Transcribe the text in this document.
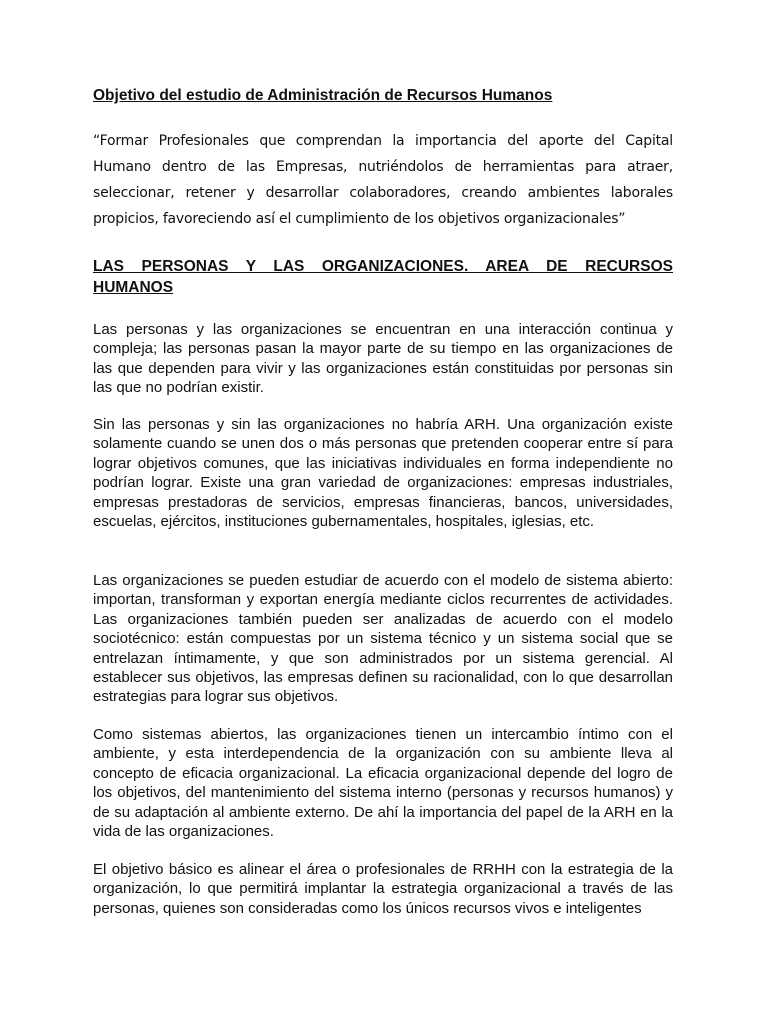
Objetivo del estudio de Administración de Recursos Humanos

“Formar Profesionales que comprendan la importancia del aporte del Capital Humano dentro de las Empresas, nutriéndolos de herramientas para atraer, seleccionar, retener y desarrollar colaboradores, creando ambientes laborales propicios, favoreciendo así el cumplimiento de los objetivos organizacionales”

LAS PERSONAS Y LAS ORGANIZACIONES. AREA DE RECURSOS HUMANOS

Las personas y las organizaciones se encuentran en una interacción continua y compleja; las personas pasan la mayor parte de su tiempo en las organizaciones de las que dependen para vivir y las organizaciones están constituidas por personas sin las que no podrían existir.

Sin las personas y sin las organizaciones no habría ARH. Una organización existe solamente cuando se unen dos o más personas que pretenden cooperar entre sí para lograr objetivos comunes, que las iniciativas individuales en forma independiente no podrían lograr. Existe una gran variedad de organizaciones: empresas industriales, empresas prestadoras de servicios, empresas financieras, bancos, universidades, escuelas, ejércitos, instituciones gubernamentales, hospitales, iglesias, etc.

Las organizaciones se pueden estudiar de acuerdo con el modelo de sistema abierto: importan, transforman y exportan energía mediante ciclos recurrentes de actividades. Las organizaciones también pueden ser analizadas de acuerdo con el modelo sociotécnico: están compuestas por un sistema técnico y un sistema social que se entrelazan íntimamente, y que son administrados por un sistema gerencial. Al establecer sus objetivos, las empresas definen su racionalidad, con lo que desarrollan estrategias para lograr sus objetivos.

Como sistemas abiertos, las organizaciones tienen un intercambio íntimo con el ambiente, y esta interdependencia de la organización con su ambiente lleva al concepto de eficacia organizacional. La eficacia organizacional depende del logro de los objetivos, del mantenimiento del sistema interno (personas y recursos humanos) y de su adaptación al ambiente externo. De ahí la importancia del papel de la ARH en la vida de las organizaciones.

El objetivo básico es alinear el área o profesionales de RRHH con la estrategia de la organización, lo que permitirá implantar la estrategia organizacional a través de las personas, quienes son consideradas como los únicos recursos vivos e inteligentes
